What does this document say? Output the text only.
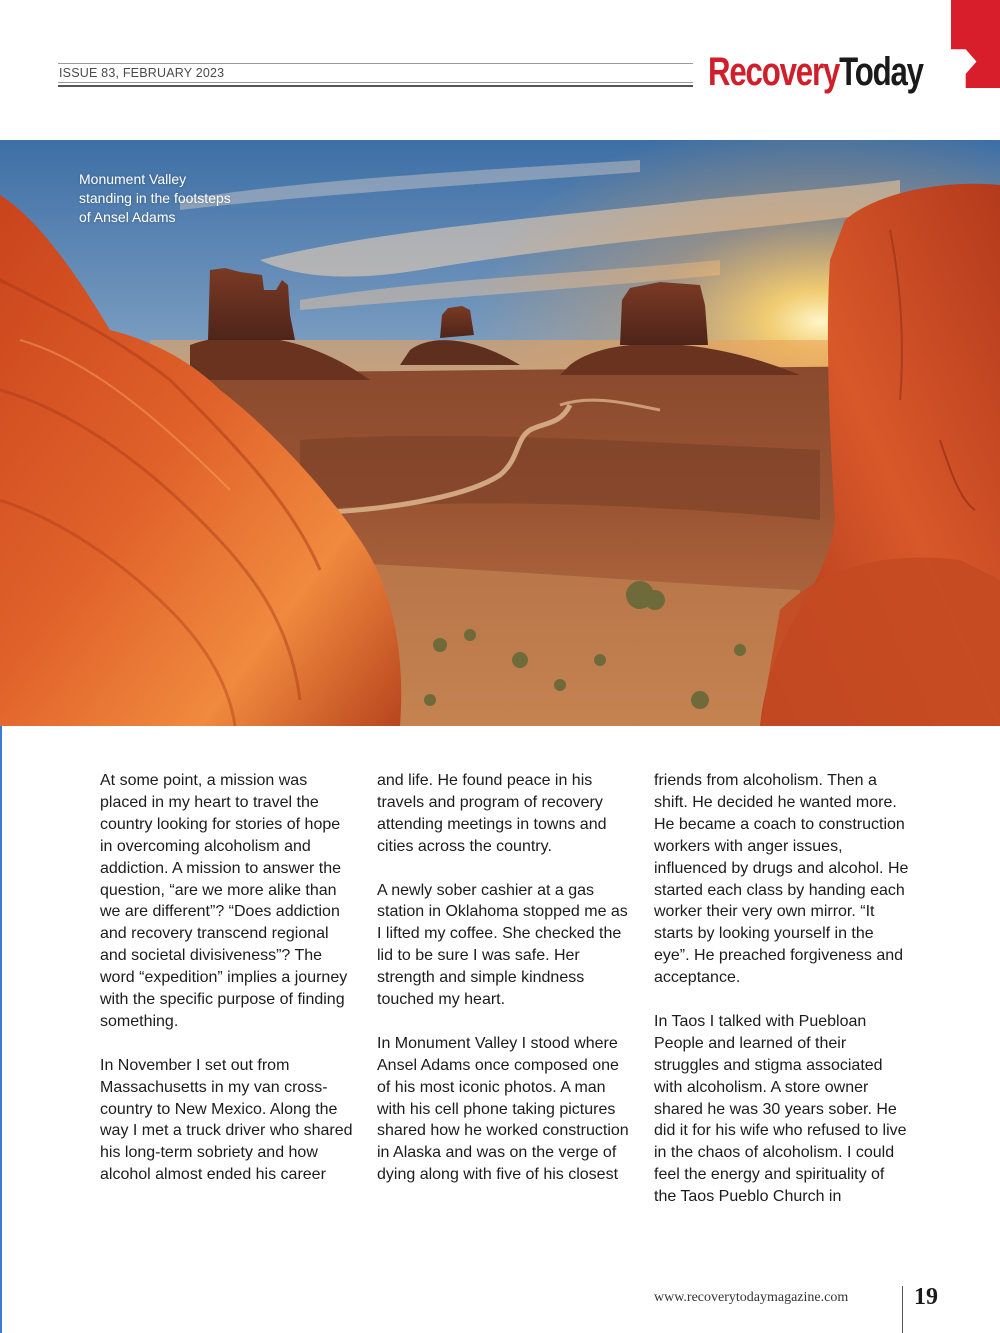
ISSUE 83, FEBRUARY 2023	RecoveryToday
Monument Valley
standing in the footsteps
of Ansel Adams

At some point, a mission was placed in my heart to travel the country looking for stories of hope in overcoming alcoholism and addiction. A mission to answer the question, “are we more alike than we are different”? “Does addiction and recovery transcend regional and societal divisiveness”? The word “expedition” implies a journey with the specific purpose of finding something.

In November I set out from Massachusetts in my van cross-country to New Mexico. Along the way I met a truck driver who shared his long-term sobriety and how alcohol almost ended his career

and life. He found peace in his travels and program of recovery attending meetings in towns and cities across the country.

A newly sober cashier at a gas station in Oklahoma stopped me as I lifted my coffee. She checked the lid to be sure I was safe. Her strength and simple kindness touched my heart.

In Monument Valley I stood where Ansel Adams once composed one of his most iconic photos. A man with his cell phone taking pictures shared how he worked construction in Alaska and was on the verge of dying along with five of his closest

friends from alcoholism. Then a shift. He decided he wanted more. He became a coach to construction workers with anger issues, influenced by drugs and alcohol. He started each class by handing each worker their very own mirror. “It starts by looking yourself in the eye”. He preached forgiveness and acceptance.

In Taos I talked with Puebloan People and learned of their struggles and stigma associated with alcoholism. A store owner shared he was 30 years sober. He did it for his wife who refused to live in the chaos of alcoholism. I could feel the energy and spirituality of the Taos Pueblo Church in

www.recoverytodaymagazine.com	19
